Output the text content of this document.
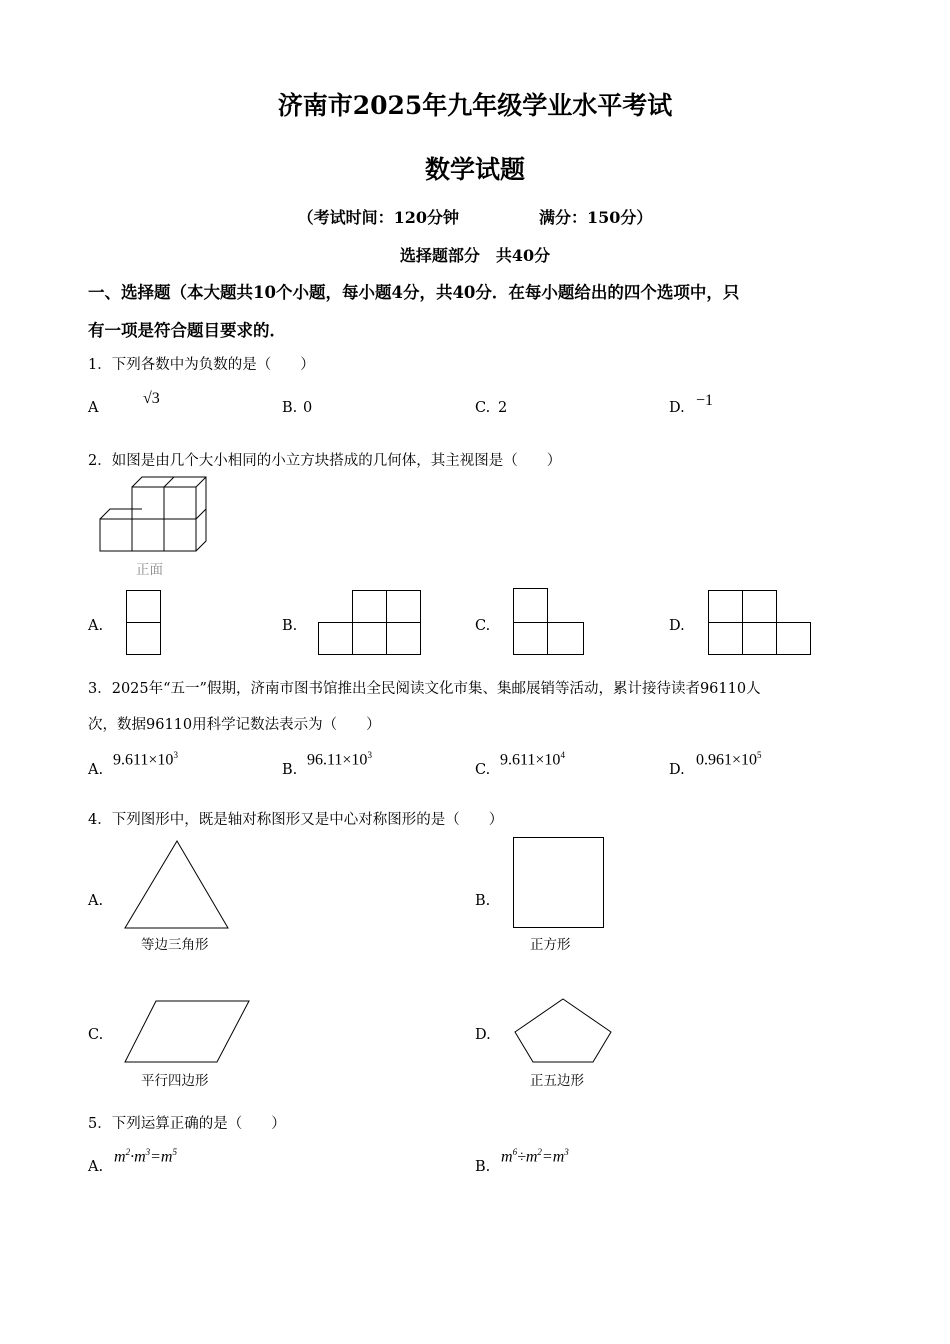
济南市2025年九年级学业水平考试
数学试题
（考试时间：120分钟　　　　　满分：150分）
选择题部分　共40分
一、选择题（本大题共10个小题，每小题4分，共40分．在每小题给出的四个选项中，只
有一项是符合题目要求的．
1．下列各数中为负数的是（　　）
A
√3
B. 0	C. 2	D. −1
2．如图是由几个大小相同的小立方块搭成的几何体，其主视图是（　　）
正面
A.	B.	C.	D.
3．2025年“五一”假期，济南市图书馆推出全民阅读文化市集、集邮展销等活动，累计接待读者96110人
次，数据96110用科学记数法表示为（　　）
A.
$9.611\times 10^3$
B.
$96.11\times 10^3$
C.
$9.611\times 10^4$
D.
$0.961\times 10^5$
4．下列图形中，既是轴对称图形又是中心对称图形的是（　　）
A.
等边三角形
B.
正方形
C.
平行四边形
D.
正五边形
5．下列运算正确的是（　　）
A.
$m^2\cdot m^3=m^5$
B.
$m^6\div m^2=m^3$
